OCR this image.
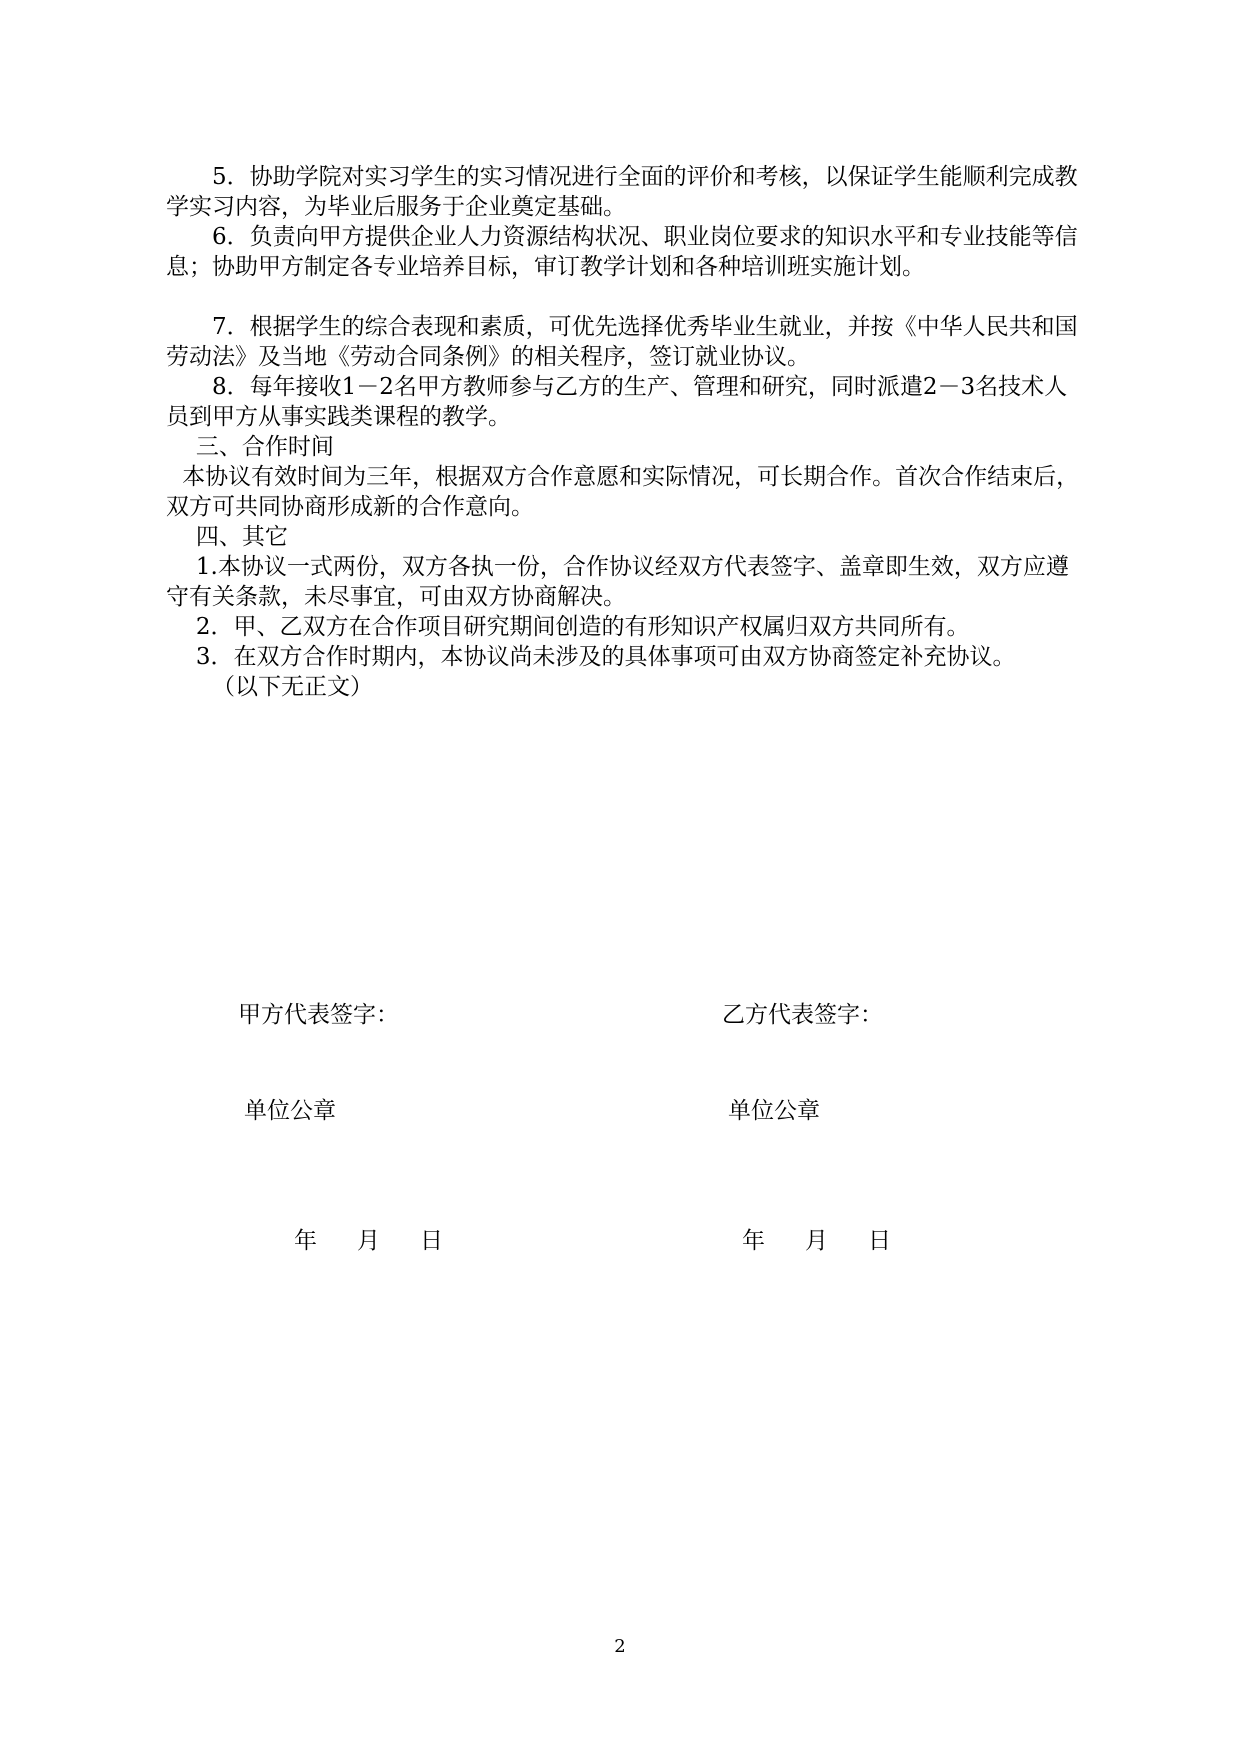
5．协助学院对实习学生的实习情况进行全面的评价和考核，以保证学生能顺利完成教学实习内容，为毕业后服务于企业奠定基础。

6．负责向甲方提供企业人力资源结构状况、职业岗位要求的知识水平和专业技能等信息；协助甲方制定各专业培养目标，审订教学计划和各种培训班实施计划。

7．根据学生的综合表现和素质，可优先选择优秀毕业生就业，并按《中华人民共和国劳动法》及当地《劳动合同条例》的相关程序，签订就业协议。

8．每年接收1－2名甲方教师参与乙方的生产、管理和研究，同时派遣2－3名技术人员到甲方从事实践类课程的教学。

三、合作时间

本协议有效时间为三年，根据双方合作意愿和实际情况，可长期合作。首次合作结束后，双方可共同协商形成新的合作意向。

四、其它

1.本协议一式两份，双方各执一份，合作协议经双方代表签字、盖章即生效，双方应遵守有关条款，未尽事宜，可由双方协商解决。

2．甲、乙双方在合作项目研究期间创造的有形知识产权属归双方共同所有。

3．在双方合作时期内，本协议尚未涉及的具体事项可由双方协商签定补充协议。

（以下无正文）

甲方代表签字：	乙方代表签字：
单位公章	单位公章
年 月 日	年 月 日
2
